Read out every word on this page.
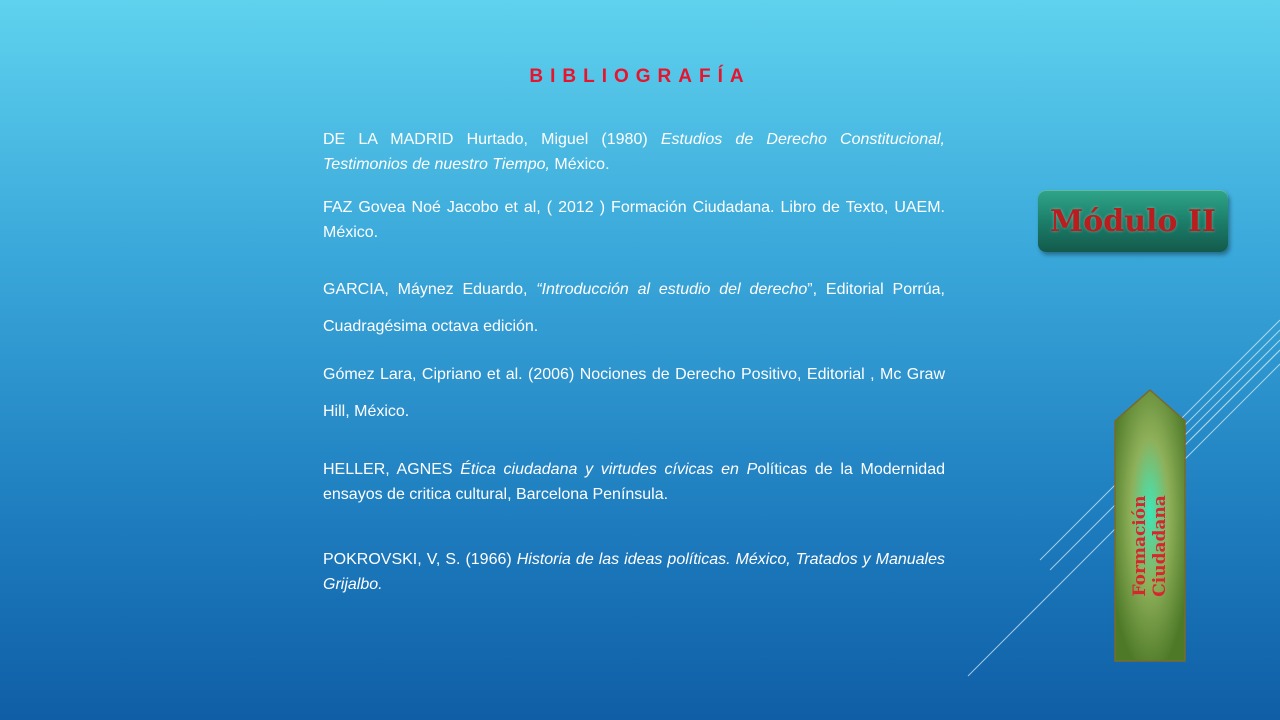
BIBLIOGRAFÍA

DE LA MADRID Hurtado, Miguel (1980) Estudios de Derecho Constitucional, Testimonios de nuestro Tiempo, México.

FAZ Govea Noé Jacobo et al, ( 2012 ) Formación Ciudadana. Libro de Texto, UAEM. México.

GARCIA, Máynez Eduardo, “Introducción al estudio del derecho”, Editorial Porrúa, Cuadragésima octava edición.

Gómez Lara, Cipriano et al. (2006) Nociones de Derecho Positivo, Editorial , Mc Graw Hill, México.

HELLER, AGNES Ética ciudadana y virtudes cívicas en Políticas de la Modernidad ensayos de critica cultural, Barcelona Península.

POKROVSKI, V, S. (1966) Historia de las ideas políticas. México, Tratados y Manuales Grijalbo.

Módulo II
Formación Ciudadana
